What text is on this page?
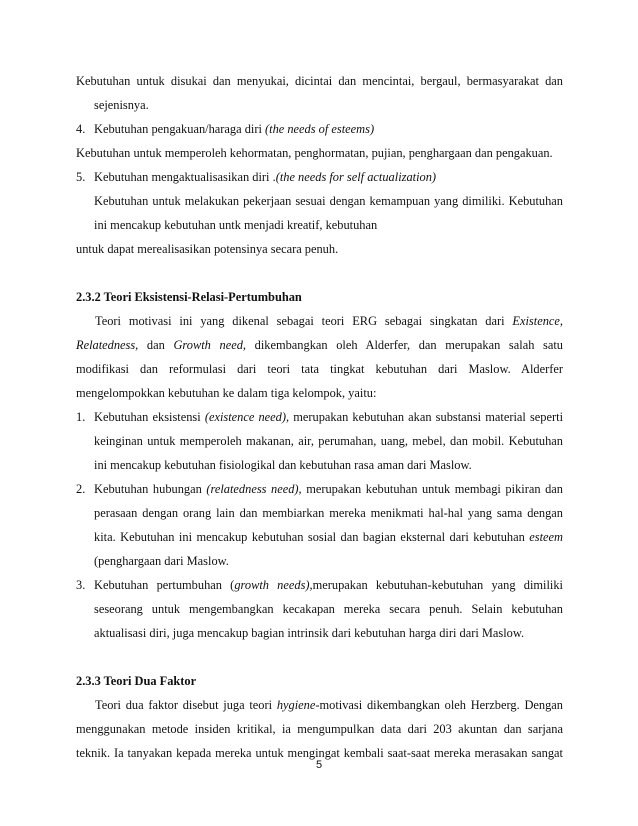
Kebutuhan untuk disukai dan menyukai, dicintai dan mencintai, bergaul, bermasyarakat dan
sejenisnya.
4. Kebutuhan pengakuan/haraga diri (the needs of esteems)
Kebutuhan untuk memperoleh kehormatan, penghormatan, pujian, penghargaan dan pengakuan.
5. Kebutuhan mengaktualisasikan diri .(the needs for self actualization)
Kebutuhan untuk melakukan pekerjaan sesuai dengan kemampuan yang dimiliki. Kebutuhan
ini mencakup kebutuhan untk menjadi kreatif, kebutuhan
untuk dapat merealisasikan potensinya secara penuh.
2.3.2 Teori Eksistensi-Relasi-Pertumbuhan
Teori motivasi ini yang dikenal sebagai teori ERG sebagai singkatan dari Existence,
Relatedness, dan Growth need, dikembangkan oleh Alderfer, dan merupakan salah satu
modifikasi dan reformulasi dari teori tata tingkat kebutuhan dari Maslow. Alderfer
mengelompokkan kebutuhan ke dalam tiga kelompok, yaitu:
1. Kebutuhan eksistensi (existence need), merupakan kebutuhan akan substansi material seperti
keinginan untuk memperoleh makanan, air, perumahan, uang, mebel, dan mobil. Kebutuhan
ini mencakup kebutuhan fisiologikal dan kebutuhan rasa aman dari Maslow.
2. Kebutuhan hubungan (relatedness need), merupakan kebutuhan untuk membagi pikiran dan
perasaan dengan orang lain dan membiarkan mereka menikmati hal-hal yang sama dengan
kita. Kebutuhan ini mencakup kebutuhan sosial dan bagian eksternal dari kebutuhan esteem
(penghargaan dari Maslow.
3. Kebutuhan pertumbuhan (growth needs),merupakan kebutuhan-kebutuhan yang dimiliki
seseorang untuk mengembangkan kecakapan mereka secara penuh. Selain kebutuhan
aktualisasi diri, juga mencakup bagian intrinsik dari kebutuhan harga diri dari Maslow.
2.3.3 Teori Dua Faktor
Teori dua faktor disebut juga teori hygiene-motivasi dikembangkan oleh Herzberg. Dengan
menggunakan metode insiden kritikal, ia mengumpulkan data dari 203 akuntan dan sarjana
teknik. Ia tanyakan kepada mereka untuk mengingat kembali saat-saat mereka merasakan sangat
5
